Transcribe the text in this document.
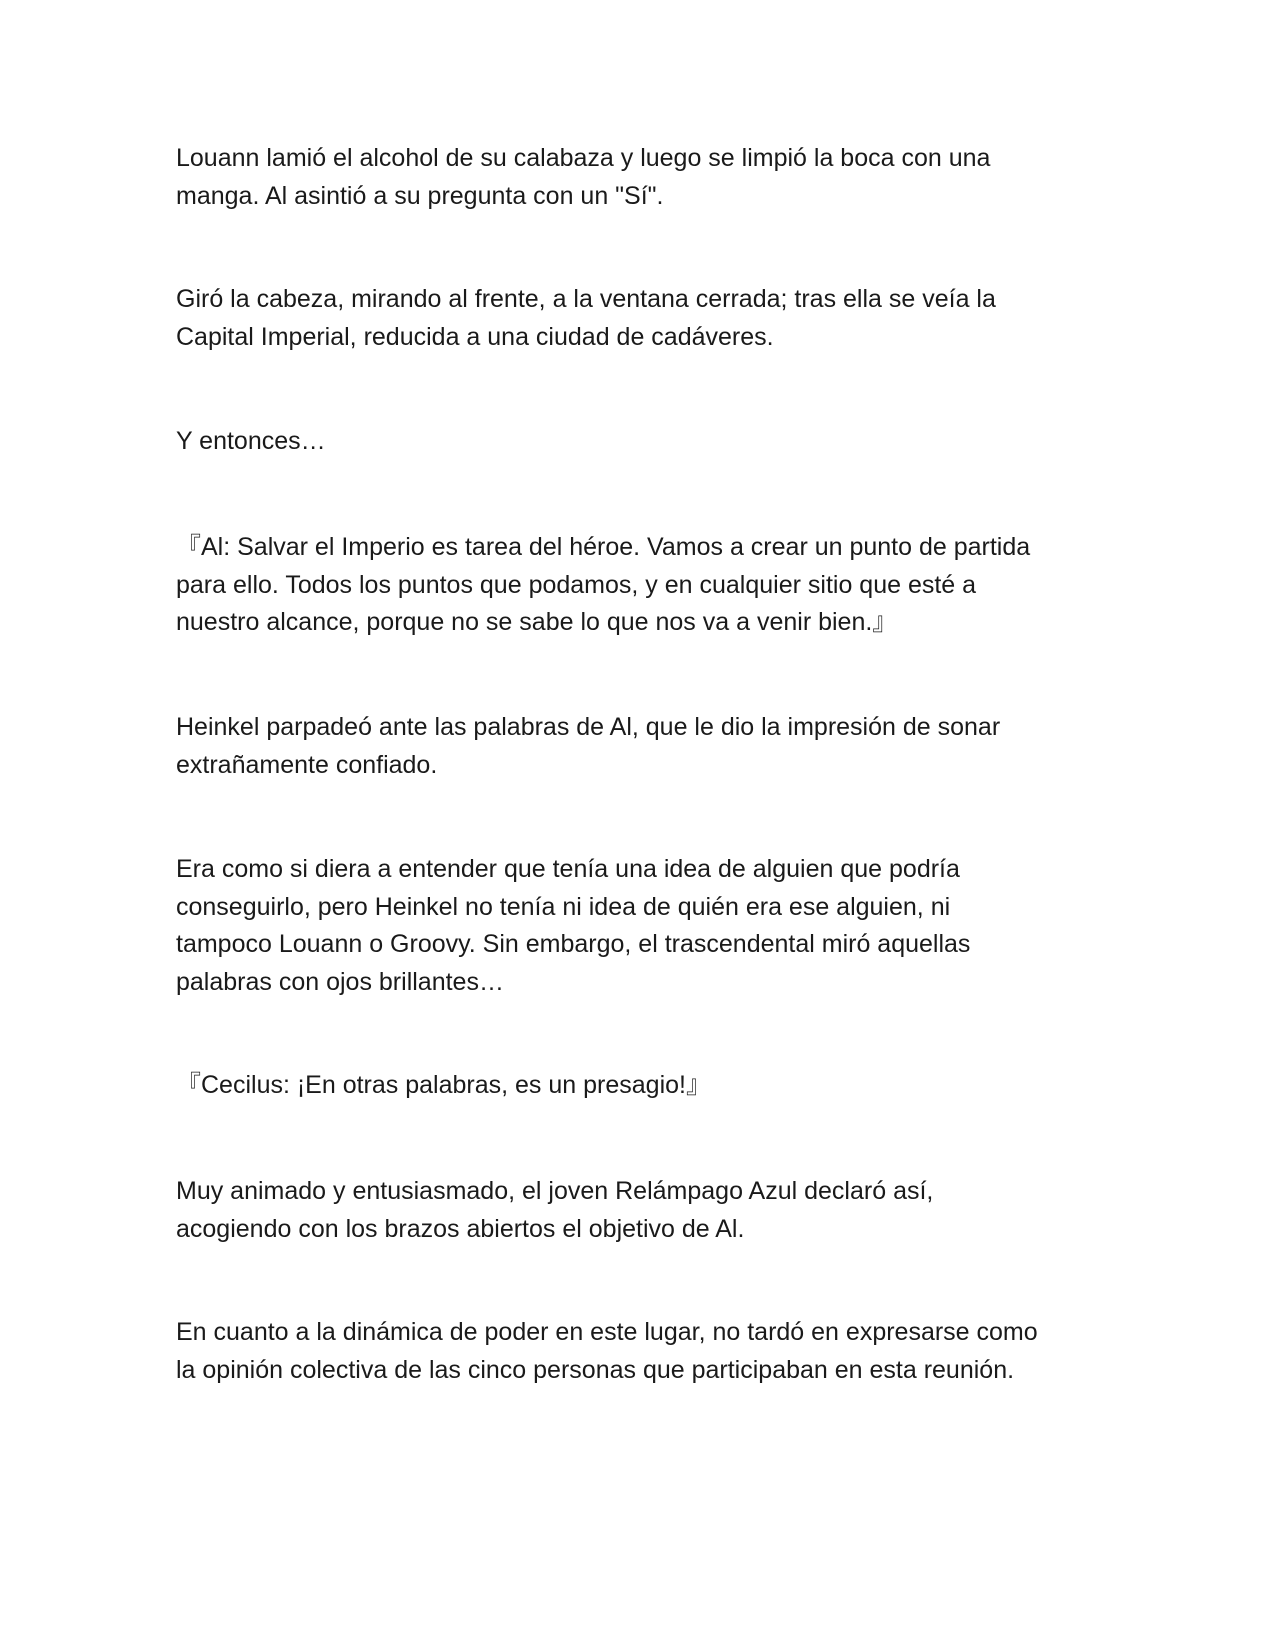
Louann lamió el alcohol de su calabaza y luego se limpió la boca con una
manga. Al asintió a su pregunta con un "Sí".

Giró la cabeza, mirando al frente, a la ventana cerrada; tras ella se veía la
Capital Imperial, reducida a una ciudad de cadáveres.

Y entonces…

『Al: Salvar el Imperio es tarea del héroe. Vamos a crear un punto de partida
para ello. Todos los puntos que podamos, y en cualquier sitio que esté a
nuestro alcance, porque no se sabe lo que nos va a venir bien.』

Heinkel parpadeó ante las palabras de Al, que le dio la impresión de sonar
extrañamente confiado.

Era como si diera a entender que tenía una idea de alguien que podría
conseguirlo, pero Heinkel no tenía ni idea de quién era ese alguien, ni
tampoco Louann o Groovy. Sin embargo, el trascendental miró aquellas
palabras con ojos brillantes…

『Cecilus: ¡En otras palabras, es un presagio!』

Muy animado y entusiasmado, el joven Relámpago Azul declaró así,
acogiendo con los brazos abiertos el objetivo de Al.

En cuanto a la dinámica de poder en este lugar, no tardó en expresarse como
la opinión colectiva de las cinco personas que participaban en esta reunión.
